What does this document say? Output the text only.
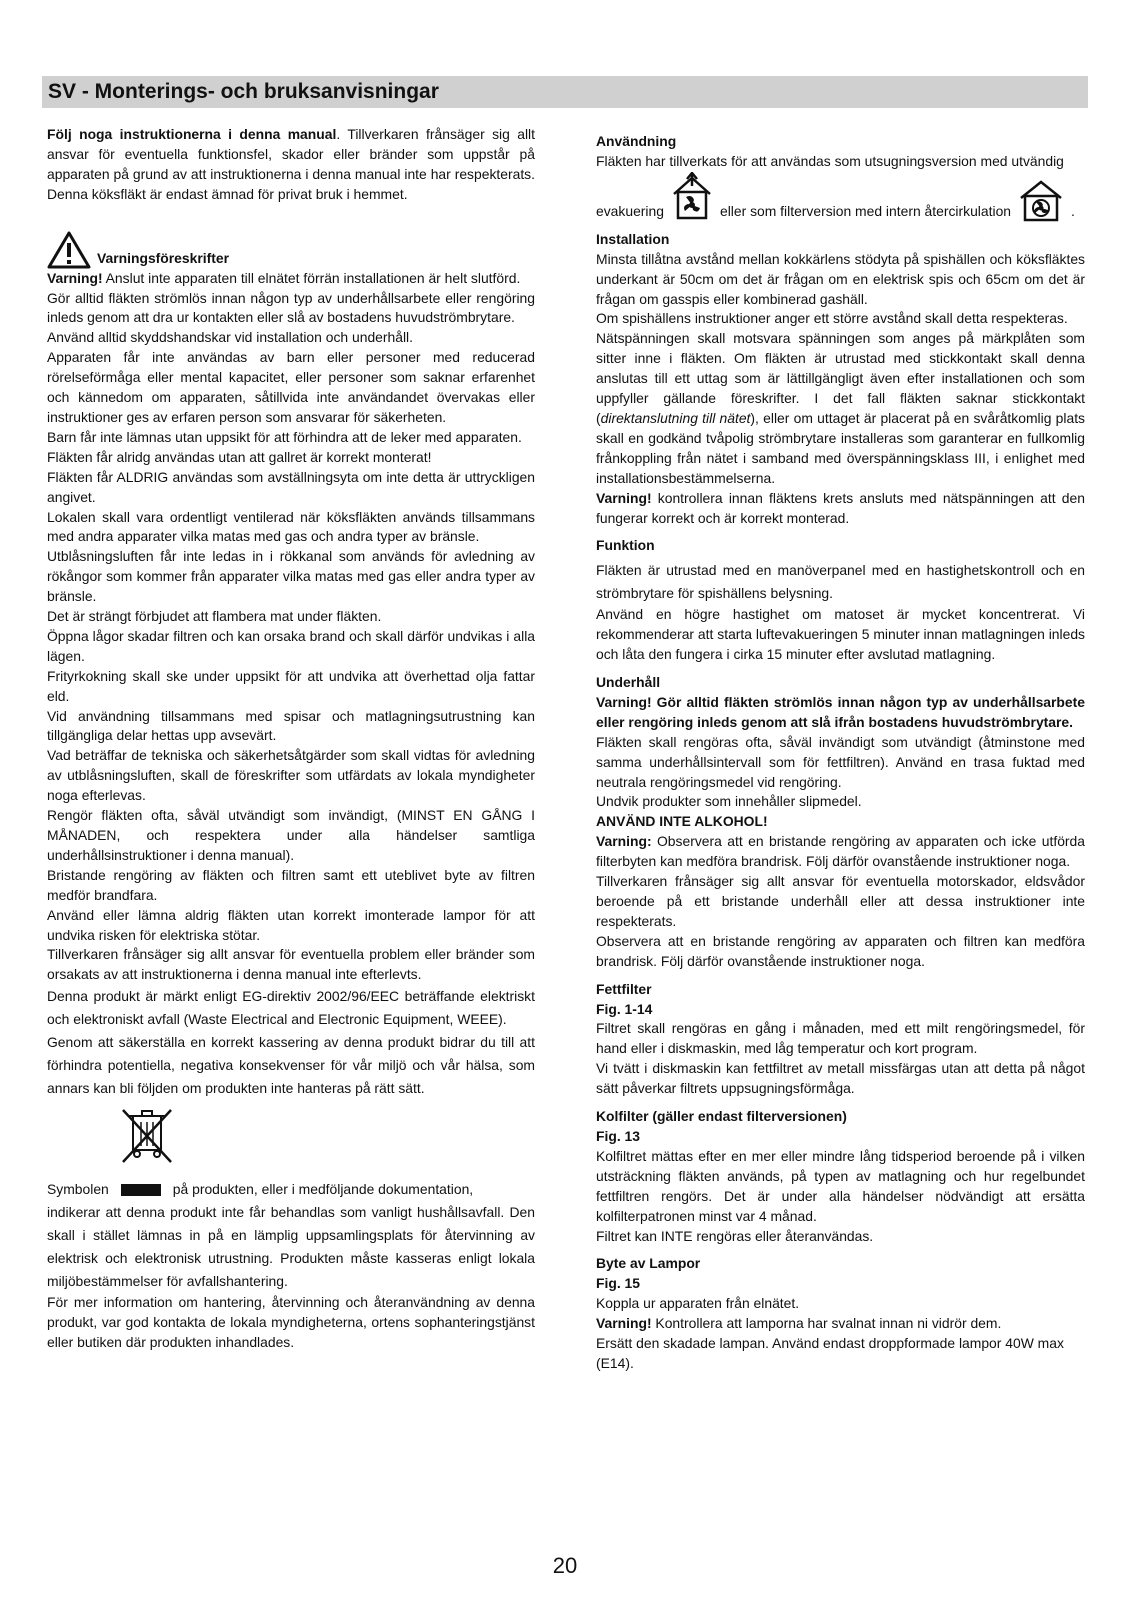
SV - Monterings- och bruksanvisningar

Följ noga instruktionerna i denna manual. Tillverkaren frånsäger sig allt ansvar för eventuella funktionsfel, skador eller bränder som uppstår på apparaten på grund av att instruktionerna i denna manual inte har respekterats. Denna köksfläkt är endast ämnad för privat bruk i hemmet.

Varningsföreskrifter

Varning! Anslut inte apparaten till elnätet förrän installationen är helt slutförd.

Gör alltid fläkten strömlös innan någon typ av underhållsarbete eller rengöring inleds genom att dra ur kontakten eller slå av bostadens huvudströmbrytare.

Använd alltid skyddshandskar vid installation och underhåll.

Apparaten får inte användas av barn eller personer med reducerad rörelseförmåga eller mental kapacitet, eller personer som saknar erfarenhet och kännedom om apparaten, såtillvida inte användandet övervakas eller instruktioner ges av erfaren person som ansvarar för säkerheten.

Barn får inte lämnas utan uppsikt för att förhindra att de leker med apparaten.

Fläkten får alridg användas utan att gallret är korrekt monterat!

Fläkten får ALDRIG användas som avställningsyta om inte detta är uttryckligen angivet.

Lokalen skall vara ordentligt ventilerad när köksfläkten används tillsammans med andra apparater vilka matas med gas och andra typer av bränsle.

Utblåsningsluften får inte ledas in i rökkanal som används för avledning av rökångor som kommer från apparater vilka matas med gas eller andra typer av bränsle.

Det är strängt förbjudet att flambera mat under fläkten.

Öppna lågor skadar filtren och kan orsaka brand och skall därför undvikas i alla lägen.

Frityrkokning skall ske under uppsikt för att undvika att överhettad olja fattar eld.

Vid användning tillsammans med spisar och matlagningsutrustning kan tillgängliga delar hettas upp avsevärt.

Vad beträffar de tekniska och säkerhetsåtgärder som skall vidtas för avledning av utblåsningsluften, skall de föreskrifter som utfärdats av lokala myndigheter noga efterlevas.

Rengör fläkten ofta, såväl utvändigt som invändigt, (MINST EN GÅNG I MÅNADEN, och respektera under alla händelser samtliga underhållsinstruktioner i denna manual).

Bristande rengöring av fläkten och filtren samt ett uteblivet byte av filtren medför brandfara.

Använd eller lämna aldrig fläkten utan korrekt imonterade lampor för att undvika risken för elektriska stötar.

Tillverkaren frånsäger sig allt ansvar för eventuella problem eller bränder som orsakats av att instruktionerna i denna manual inte efterlevts.

Denna produkt är märkt enligt EG-direktiv 2002/96/EEC beträffande elektriskt och elektroniskt avfall (Waste Electrical and Electronic Equipment, WEEE).

Genom att säkerställa en korrekt kassering av denna produkt bidrar du till att förhindra potentiella, negativa konsekvenser för vår miljö och vår hälsa, som annars kan bli följden om produkten inte hanteras på rätt sätt.

Symbolen	på produkten, eller i medföljande dokumentation,

indikerar att denna produkt inte får behandlas som vanligt hushållsavfall. Den skall i stället lämnas in på en lämplig uppsamlingsplats för återvinning av elektrisk och elektronisk utrustning. Produkten måste kasseras enligt lokala miljöbestämmelser för avfallshantering.

För mer information om hantering, återvinning och återanvändning av denna produkt, var god kontakta de lokala myndigheterna, ortens sophanteringstjänst eller butiken där produkten inhandlades.

Användning

Fläkten har tillverkats för att användas som utsugningsversion med utvändig

evakuering	eller som filterversion med intern återcirkulation	.

Installation

Minsta tillåtna avstånd mellan kokkärlens stödyta på spishällen och köksfläktes underkant är 50cm om det är frågan om en elektrisk spis och 65cm om det är frågan om gasspis eller kombinerad gashäll.

Om spishällens instruktioner anger ett större avstånd skall detta respekteras.

Nätspänningen skall motsvara spänningen som anges på märkplåten som sitter inne i fläkten. Om fläkten är utrustad med stickkontakt skall denna anslutas till ett uttag som är lättillgängligt även efter installationen och som uppfyller gällande föreskrifter. I det fall fläkten saknar stickkontakt (direktanslutning till nätet), eller om uttaget är placerat på en svåråtkomlig plats skall en godkänd tvåpolig strömbrytare installeras som garanterar en fullkomlig frånkoppling från nätet i samband med överspänningsklass III, i enlighet med installationsbestämmelserna.

Varning! kontrollera innan fläktens krets ansluts med nätspänningen att den fungerar korrekt och är korrekt monterad.

Funktion

Fläkten är utrustad med en manöverpanel med en hastighetskontroll och en strömbrytare för spishällens belysning.

Använd en högre hastighet om matoset är mycket koncentrerat. Vi rekommenderar att starta luftevakueringen 5 minuter innan matlagningen inleds och låta den fungera i cirka 15 minuter efter avslutad matlagning.

Underhåll

Varning! Gör alltid fläkten strömlös innan någon typ av underhållsarbete eller rengöring inleds genom att slå ifrån bostadens huvudströmbrytare.

Fläkten skall rengöras ofta, såväl invändigt som utvändigt (åtminstone med samma underhållsintervall som för fettfiltren). Använd en trasa fuktad med neutrala rengöringsmedel vid rengöring.

Undvik produkter som innehåller slipmedel.

ANVÄND INTE ALKOHOL!

Varning: Observera att en bristande rengöring av apparaten och icke utförda filterbyten kan medföra brandrisk. Följ därför ovanstående instruktioner noga.

Tillverkaren frånsäger sig allt ansvar för eventuella motorskador, eldsvådor beroende på ett bristande underhåll eller att dessa instruktioner inte respekterats.

Observera att en bristande rengöring av apparaten och filtren kan medföra brandrisk. Följ därför ovanstående instruktioner noga.

Fettfilter

Fig. 1-14

Filtret skall rengöras en gång i månaden, med ett milt rengöringsmedel, för hand eller i diskmaskin, med låg temperatur och kort program.

Vi tvätt i diskmaskin kan fettfiltret av metall missfärgas utan att detta på något sätt påverkar filtrets uppsugningsförmåga.

Kolfilter (gäller endast filterversionen)

Fig. 13

Kolfiltret mättas efter en mer eller mindre lång tidsperiod beroende på i vilken utsträckning fläkten används, på typen av matlagning och hur regelbundet fettfiltren rengörs. Det är under alla händelser nödvändigt att ersätta kolfilterpatronen minst var 4 månad.

Filtret kan INTE rengöras eller återanvändas.

Byte av Lampor

Fig. 15

Koppla ur apparaten från elnätet.

Varning! Kontrollera att lamporna har svalnat innan ni vidrör dem.

Ersätt den skadade lampan. Använd endast droppformade lampor 40W max (E14).

20
